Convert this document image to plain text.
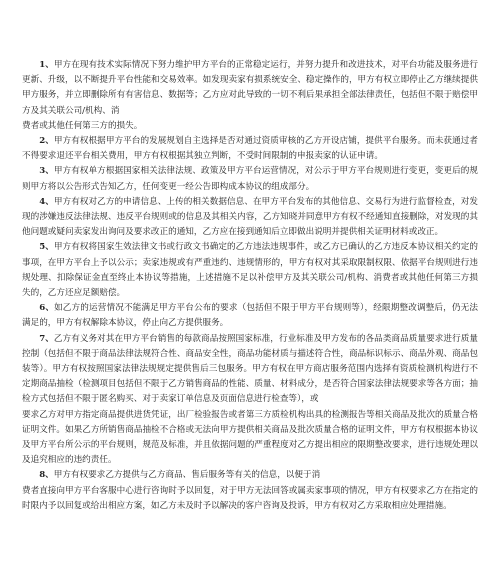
1、甲方在现有技术实际情况下努力维护甲方平台的正常稳定运行，并努力提升和改进技术，对平台功能及服务进行更新、升级，以不断提升平台性能和交易效率。如发现卖家有损系统安全、稳定操作的，甲方有权立即停止乙方继续提供甲方服务，并立即删除所有有害信息、数据等；乙方应对此导致的一切不利后果承担全部法律责任，包括但不限于赔偿甲方及其关联公司/机构、消

费者或其他任何第三方的损失。

2、甲方有权根据甲方平台的发展规划自主选择是否对通过资质审核的乙方开设店铺，提供平台服务。而未获通过者不得要求退还平台相关费用，甲方有权根据其独立判断，不受时间限制的申报卖家的认证申请。

3、甲方有权单方根据国家相关法律法规、政策及甲方平台运营情况，对公示于甲方平台规则进行变更，变更后的规则甲方将以公告形式告知乙方，任何变更一经公告即构成本协议的组成部分。

4、甲方有权对乙方的申请信息、上传的相关数据信息、在甲方平台发布的其他信息、交易行为进行监督检查，对发现的涉嫌违反法律法规、违反平台规则或的信息及其相关内容，乙方知晓并同意甲方有权不经通知直接删除，对发现的其他问题或疑问卖家发出询问及要求改正的通知，乙方应在接到通知后立即做出说明并提供相关证明材料或改正。

5、甲方有权将国家生效法律文书或行政文书确定的乙方违法违规事件，或乙方已确认的乙方违反本协议相关约定的事项，在甲方平台上予以公示；卖家违规或有严重违约、违规情形的，甲方有权对其采取限制权限、依据平台规则进行违规处理、扣除保证金直至终止本协议等措施，上述措施不足以补偿甲方及其关联公司/机构、消费者或其他任何第三方损失的，乙方还应足额赔偿。

6、如乙方的运营情况不能满足甲方平台公布的要求（包括但不限于甲方平台规则等），经限期整改调整后，仍无法满足的，甲方有权解除本协议，停止向乙方提供服务。

7、乙方有义务对其在甲方平台销售的每款商品按照国家标准，行业标准及甲方发布的各品类商品质量要求进行质量控制（包括但不限于商品法律法规符合性、商品安全性，商品功能材质与描述符合性，商品标识标示、商品外观、商品包装等）。甲方有权按照国家法律法规规定提供售后三包服务。甲方有权在甲方商店服务范围内选择有资质检测机构进行不定期商品抽检（检测项目包括但不限于乙方销售商品的性能、质量、材料成分，是否符合国家法律法规要求等各方面；抽检方式包括但不限于匿名购买、对于卖家订单信息及页面信息进行检查等），或

要求乙方对甲方指定商品提供进货凭证，出厂检验报告或者第三方质检机构出具的检测报告等相关商品及批次的质量合格证明文件。如果乙方所销售商品抽检不合格或无法向甲方提供相关商品及批次质量合格的证明文件，甲方有权根据本协议及甲方平台所公示的平台规则，规范及标准，并且依据问题的严重程度对乙方提出相应的限期整改要求，进行违规处理以及追究相应的违约责任。

8、甲方有权要求乙方提供与乙方商品、售后服务等有关的信息，以便于消

费者直接向甲方平台客服中心进行咨询时予以回复，对于甲方无法回答或属卖家事项的情况，甲方有权要求乙方在指定的时限内予以回复或给出相应方案，如乙方未及时予以解决的客户咨询及投诉，甲方有权对乙方采取相应处理措施。
